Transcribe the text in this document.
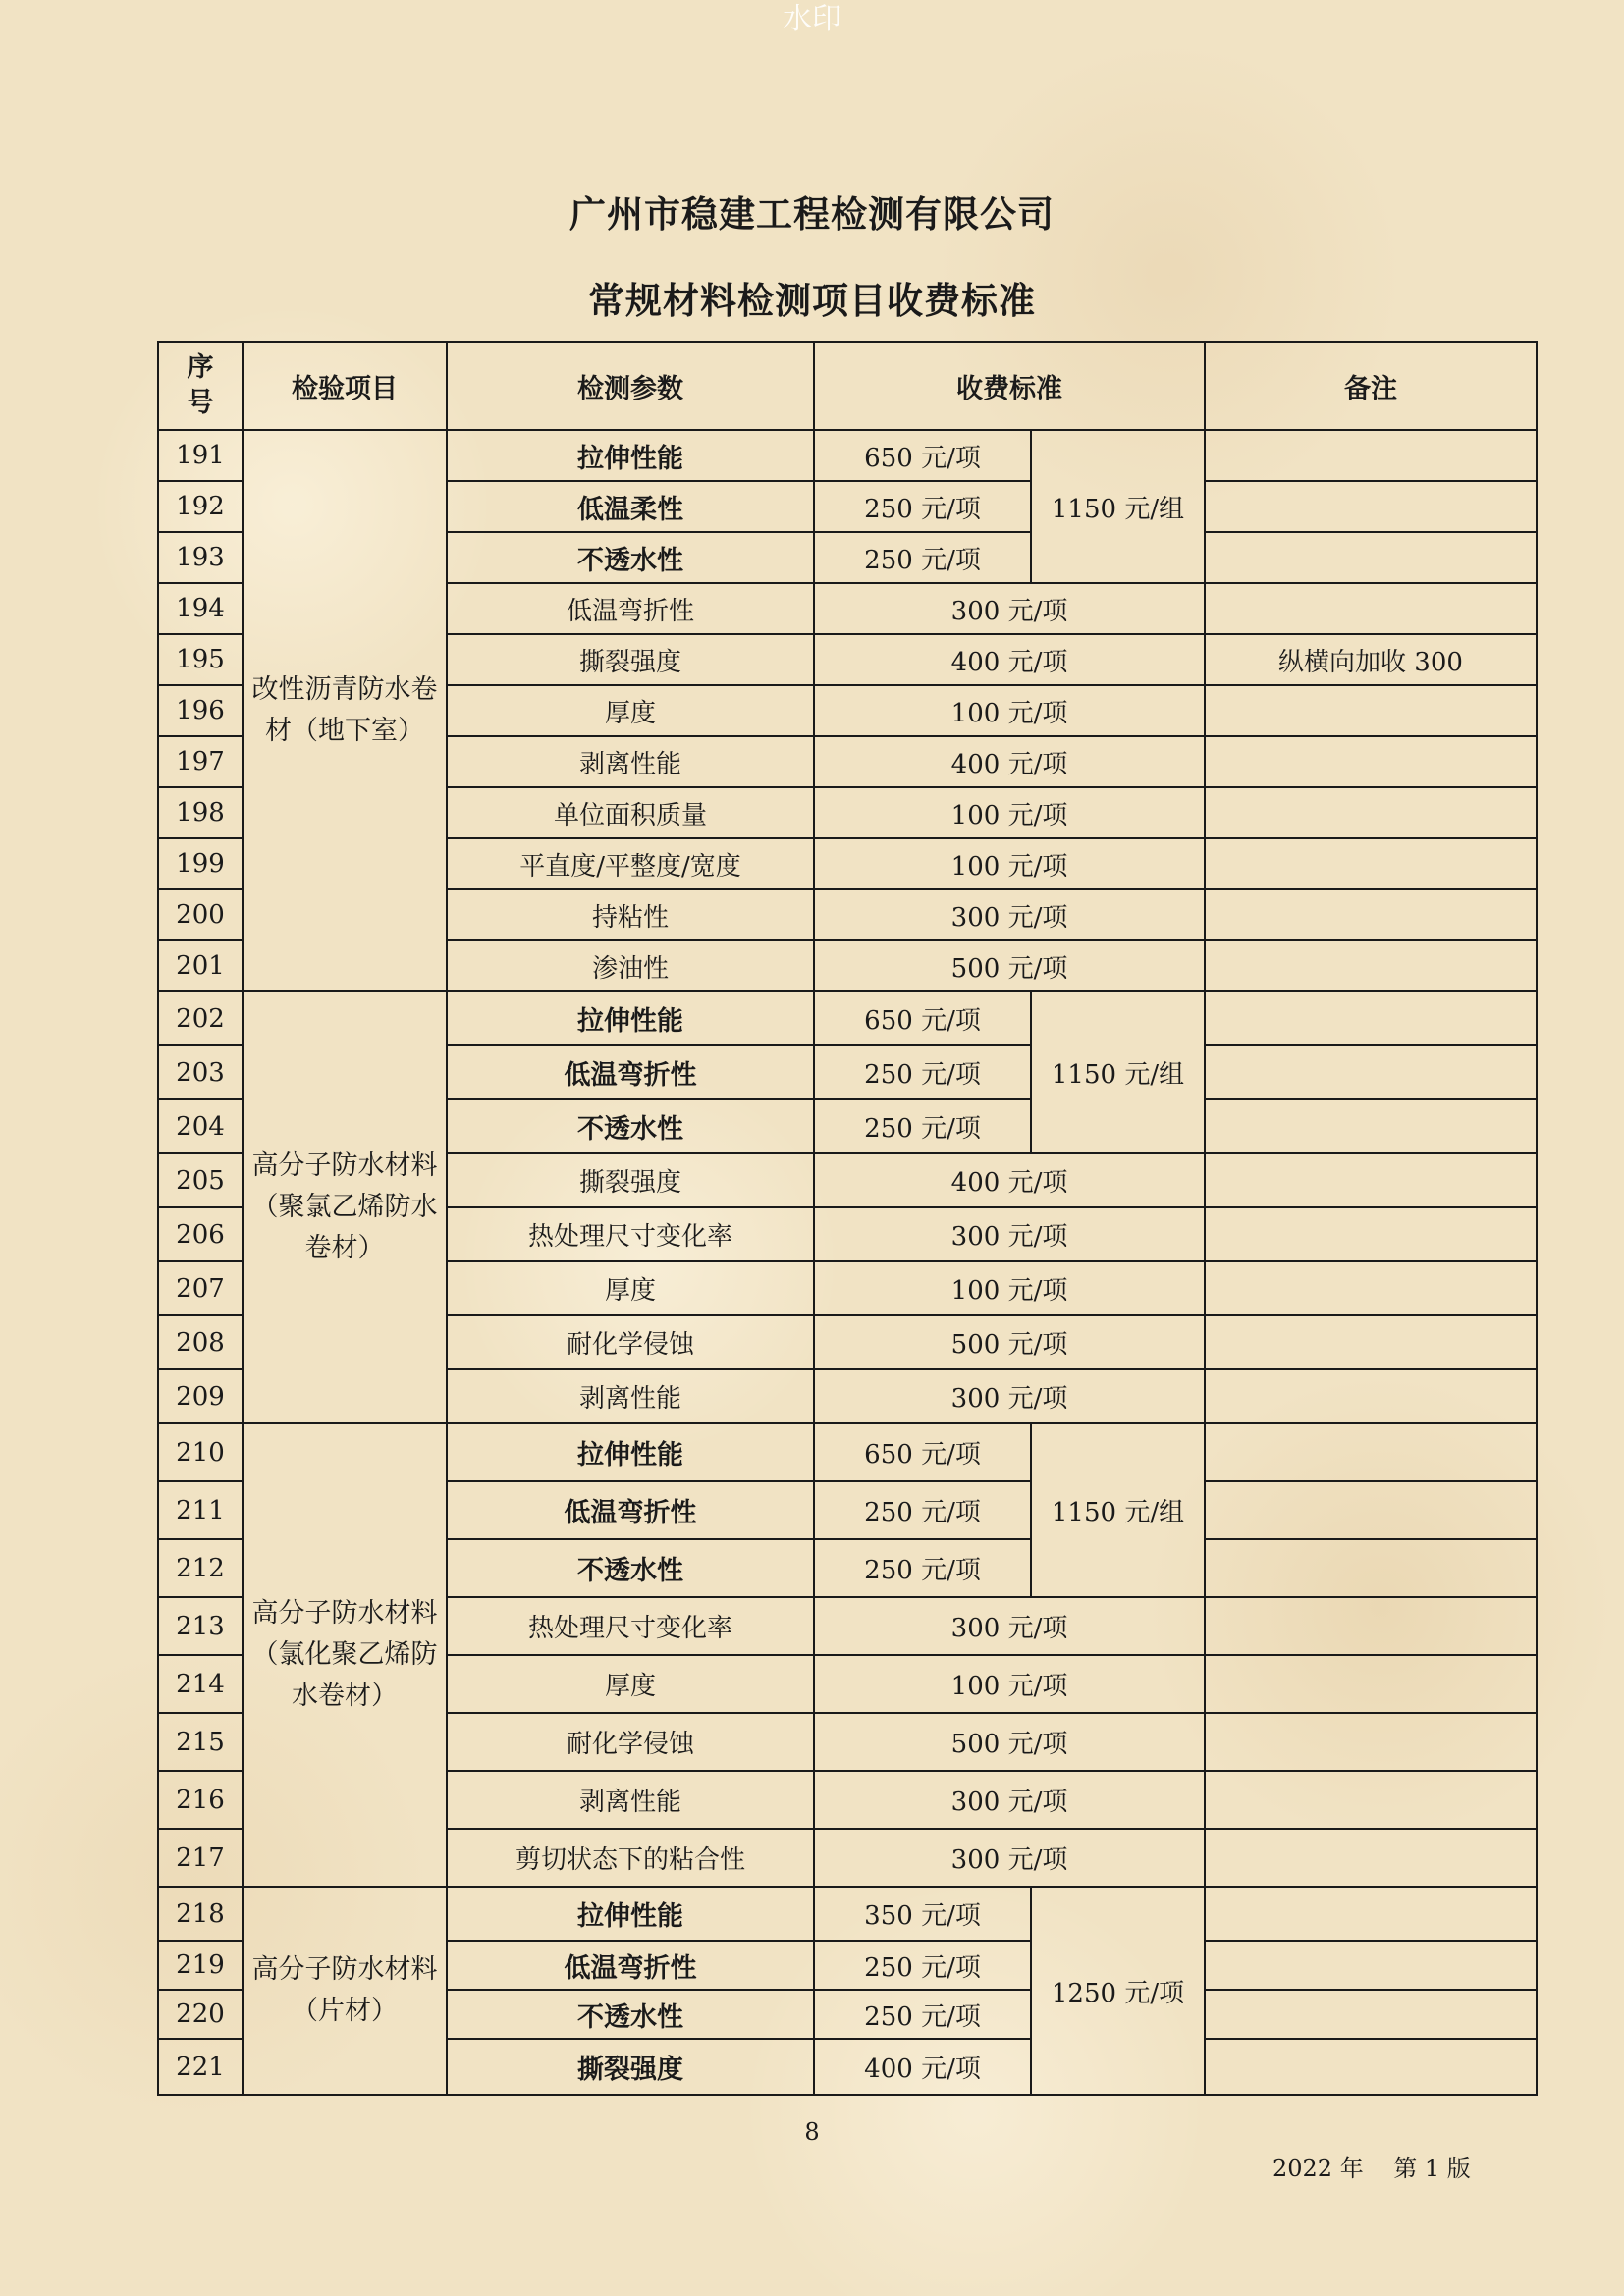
水印
广州市稳建工程检测有限公司
常规材料检测项目收费标准
序
号	检验项目	检测参数	收费标准		备注
191	改性沥青防水卷材（地下室）	拉伸性能	650 元/项	1150 元/组	
192		低温柔性	250 元/项		
193		不透水性	250 元/项		
194		低温弯折性	300 元/项		
195		撕裂强度	400 元/项		纵横向加收 300
196		厚度	100 元/项		
197		剥离性能	400 元/项		
198		单位面积质量	100 元/项		
199		平直度/平整度/宽度	100 元/项		
200		持粘性	300 元/项		
201		渗油性	500 元/项		
202	高分子防水材料（聚氯乙烯防水卷材）	拉伸性能	650 元/项	1150 元/组	
203		低温弯折性	250 元/项		
204		不透水性	250 元/项		
205		撕裂强度	400 元/项		
206		热处理尺寸变化率	300 元/项		
207		厚度	100 元/项		
208		耐化学侵蚀	500 元/项		
209		剥离性能	300 元/项		
210	高分子防水材料（氯化聚乙烯防水卷材）	拉伸性能	650 元/项	1150 元/组	
211		低温弯折性	250 元/项		
212		不透水性	250 元/项		
213		热处理尺寸变化率	300 元/项		
214		厚度	100 元/项		
215		耐化学侵蚀	500 元/项		
216		剥离性能	300 元/项		
217		剪切状态下的粘合性	300 元/项		
218	高分子防水材料（片材）	拉伸性能	350 元/项	1250 元/项	
219		低温弯折性	250 元/项		
220		不透水性	250 元/项		
221		撕裂强度	400 元/项		
8
2022 年 第 1 版
